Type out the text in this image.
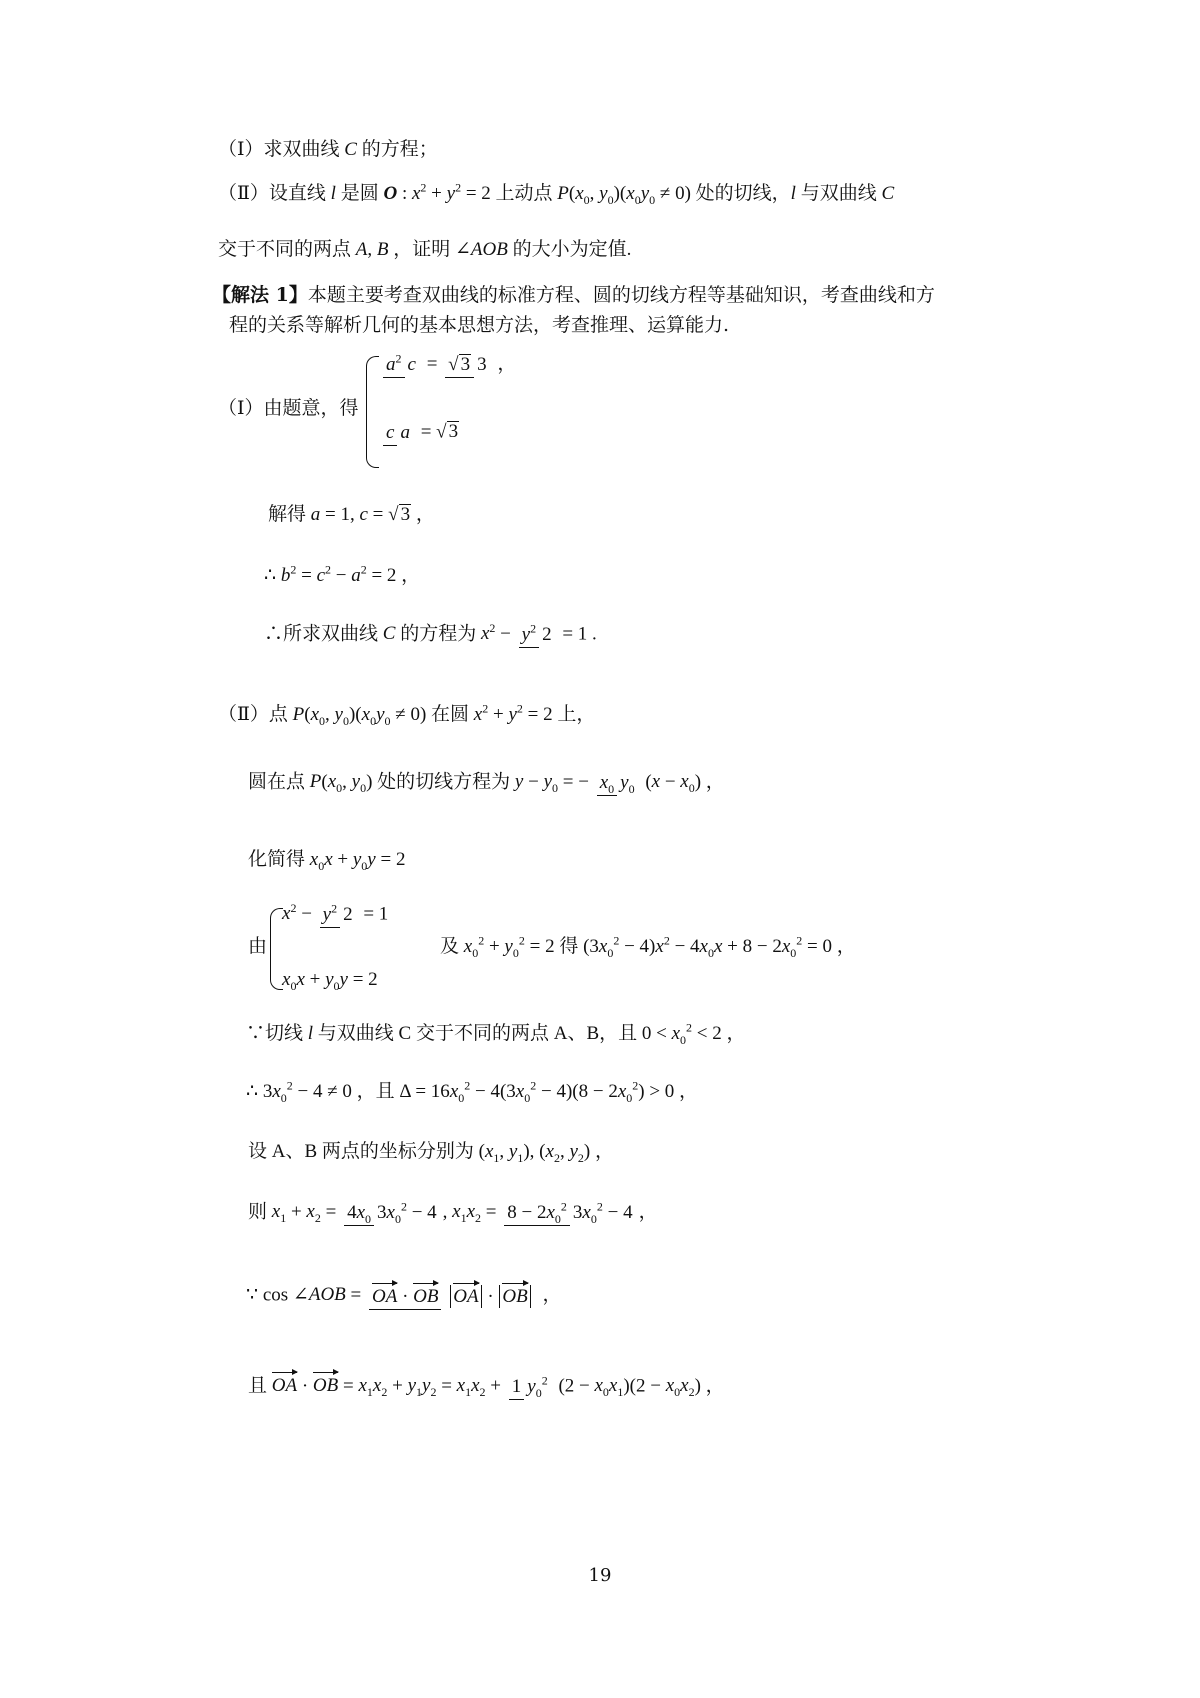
（Ⅰ）求双曲线 C 的方程；
（Ⅱ）设直线 l 是圆 O : $x^2 + y^2 = 2$ 上动点 $P(x_0$, $y_0)(x_0y_0 \ne 0)$ 处的切线，l 与双曲线 C
交于不同的两点 A, B ，证明 ∠AOB 的大小为定值.
【解法 1】 本题主要考查双曲线的标准方程、圆的切线方程等基础知识，考查曲线和方
程的关系等解析几何的基本思想方法，考查推理、运算能力.
（Ⅰ）由题意，得
$a^2$ c = √ 3 3 ，
c a = √ 3
解得 a = 1, c = √ 3 ，
∴ $b^2 = c^2 - a^2 = 2$ ，
∴所求双曲线 C 的方程为 $x^2 - y^2$ 2 = 1 .
（Ⅱ）点 $P(x_0$, $y_0)(x_0y_0 \ne 0)$ 在圆 $x^2 + y^2 = 2$ 上，
圆在点 $P(x_0$, $y_0$) 处的切线方程为 $y - y_0$ = − $x_0$ $y_0$ $(x - x_0)$ ，
化简得 $x_0x + y_0y = 2$
由
$x^2 - y^2$ 2 = 1
$x_0x + y_0y = 2$
及 $x_0^2 + y_0^2 = 2$ 得 $(3x_0^2 - 4)x^2 - 4x_0x + 8 - 2x_0^2 = 0$ ，
∵切线 l 与双曲线 C 交于不同的两点 A、B，且 $0 < x_0^2 < 2$ ，
∴ $3x_0^2 - 4 \ne 0$ ，且 $\Delta = 16x_0^2 - 4(3x_0^2 - 4)(8 - 2x_0^2) > 0$ ，
设 A、B 两点的坐标分别为 ($x_1$, $y_1$), ($x_2$, $y_2$) ，
则 $x_1 + x_2 = 4x_0$ $3x_0^2 - 4$ , $x_1x_2 = 8 - 2x_0^2$ $3x_0^2 - 4$ ，
∵ cos ∠AOB = OA · OB OA · OB ，
且 OA · OB = $x_1x_2 + y_1y_2 = x_1x_2 + 1$ $y_0^2$ $(2 - x_0x_1)(2 - x_0x_2)$ ，
19
